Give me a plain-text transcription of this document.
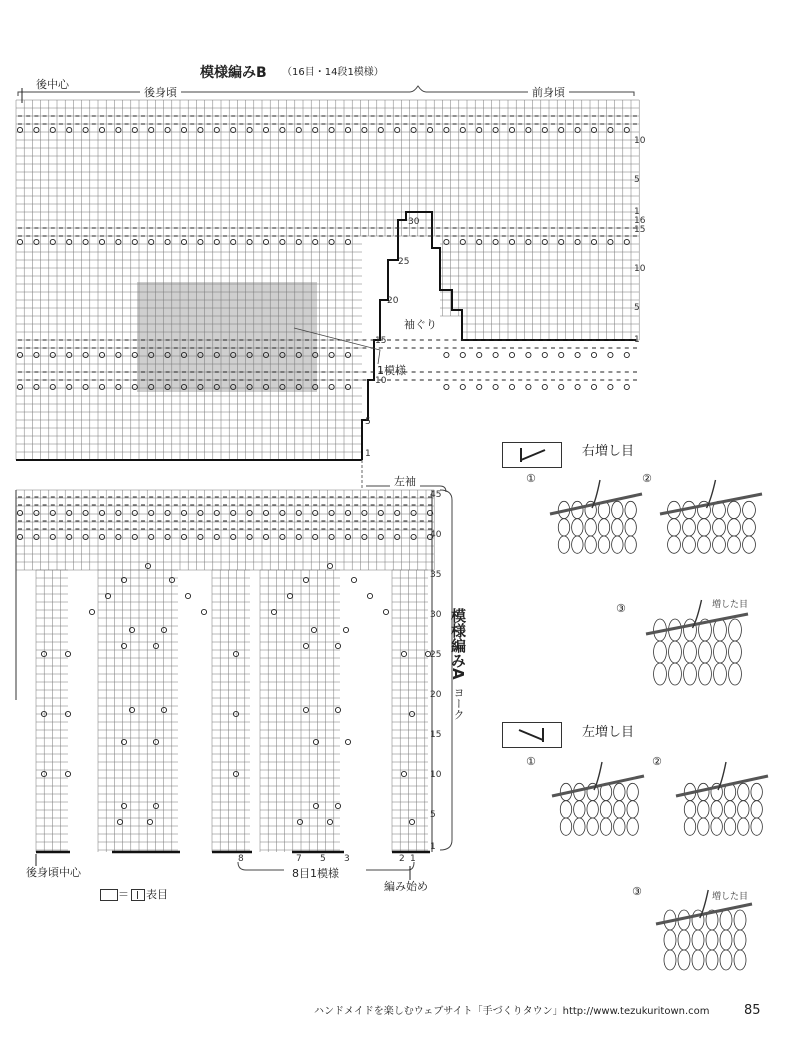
模様編みB （16目・14段1模様）
後中心
後身頃	前身頃
袖ぐり
1模様
10
5
1
16
15
10
5
1
30
25
20
15
10
5
1
左袖
模様編みA
ヨーク
後身頃中心	8目1模様
編み始め
8	7 5 3	2 1
45
40
35
30
25
20
15
10
5
1
＝ 表目
右増し目
①	②
③	増した目
左増し目
①	②
③	増した目
ハンドメイドを楽しむウェブサイト「手づくりタウン」http://www.tezukuritown.com	85
